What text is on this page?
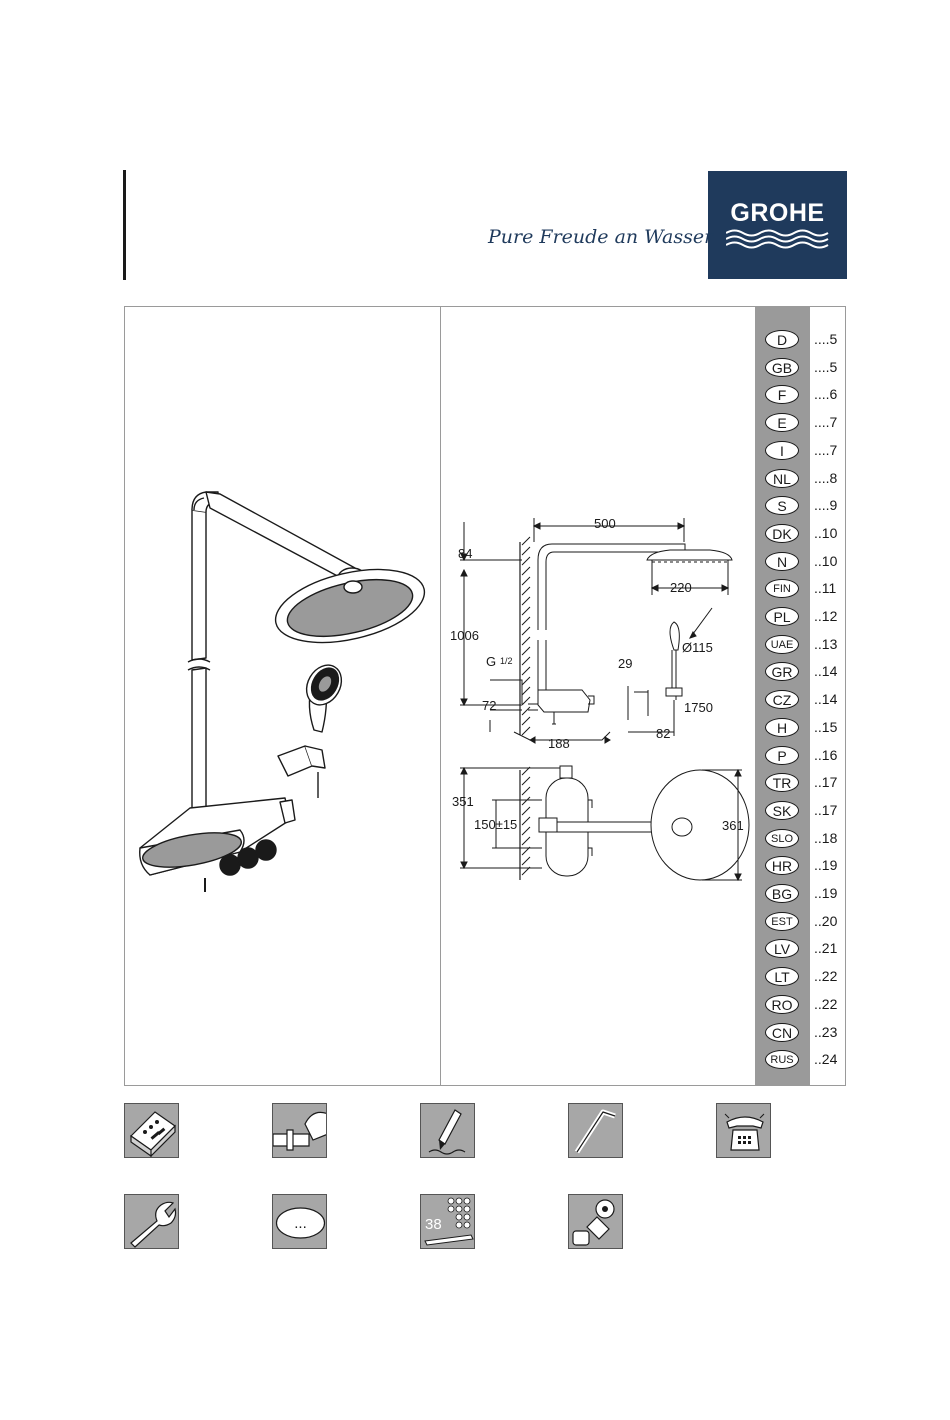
GROHE
Pure Freude an Wasser
D	....5
GB	....5
F	....6
E	....7
I	....7
NL	....8
S	....9
DK	..10
N	..10
FIN	..11
PL	..12
UAE	..13
GR	..14
CZ	..14
H	..15
P	..16
TR	..17
SK	..17
SLO	..18
HR	..19
BG	..19
EST	..20
LV	..21
LT	..22
RO	..22
CN	..23
RUS	..24
500
84
220
1006
Ø115
G 1/2	29
72	1750
188
82
351
150±15	361
...	38
